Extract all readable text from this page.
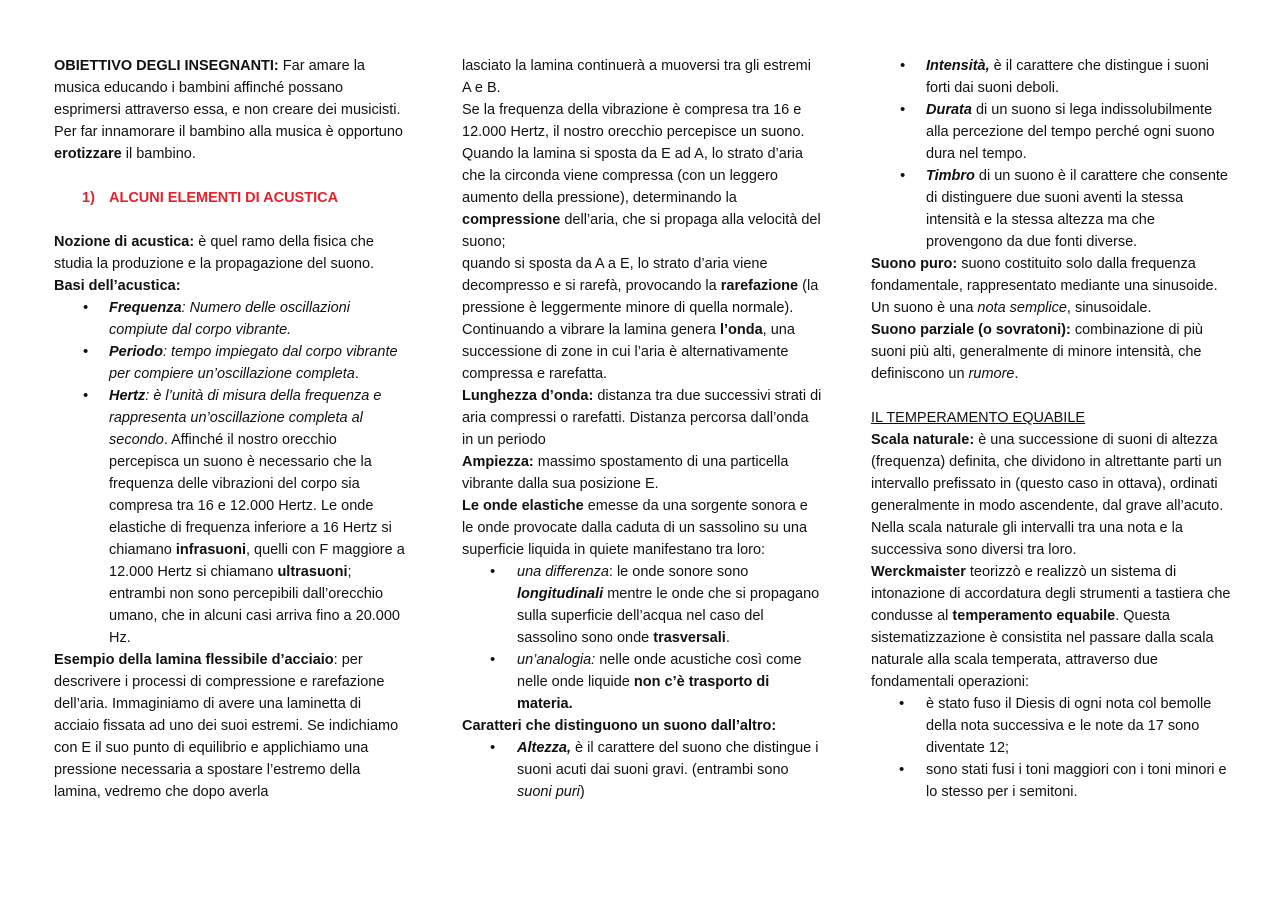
OBIETTIVO DEGLI INSEGNANTI: Far amare la musica educando i bambini affinché possano esprimersi attraverso essa, e non creare dei musicisti. Per far innamorare il bambino alla musica è opportuno erotizzare il bambino.

1) ALCUNI ELEMENTI DI ACUSTICA

Nozione di acustica: è quel ramo della fisica che studia la produzione e la propagazione del suono.

Basi dell’acustica:

• Frequenza: Numero delle oscillazioni compiute dal corpo vibrante.
• Periodo: tempo impiegato dal corpo vibrante per compiere un’oscillazione completa.
• Hertz: è l’unità di misura della frequenza e rappresenta un’oscillazione completa al secondo. Affinché il nostro orecchio percepisca un suono è necessario che la frequenza delle vibrazioni del corpo sia compresa tra 16 e 12.000 Hertz. Le onde elastiche di frequenza inferiore a 16 Hertz si chiamano infrasuoni, quelli con F maggiore a 12.000 Hertz si chiamano ultrasuoni; entrambi non sono percepibili dall’orecchio umano, che in alcuni casi arriva fino a 20.000 Hz.

Esempio della lamina flessibile d’acciaio: per descrivere i processi di compressione e rarefazione dell’aria. Immaginiamo di avere una laminetta di acciaio fissata ad uno dei suoi estremi. Se indichiamo con E il suo punto di equilibrio e applichiamo una pressione necessaria a spostare l’estremo della lamina, vedremo che dopo averla

lasciato la lamina continuerà a muoversi tra gli estremi A e B.

Se la frequenza della vibrazione è compresa tra 16 e 12.000 Hertz, il nostro orecchio percepisce un suono. Quando la lamina si sposta da E ad A, lo strato d’aria che la circonda viene compressa (con un leggero aumento della pressione), determinando la compressione dell’aria, che si propaga alla velocità del suono;

quando si sposta da A a E, lo strato d’aria viene decompresso e si rarefà, provocando la rarefazione (la pressione è leggermente minore di quella normale). Continuando a vibrare la lamina genera l’onda, una successione di zone in cui l’aria è alternativamente compressa e rarefatta.

Lunghezza d’onda: distanza tra due successivi strati di aria compressi o rarefatti. Distanza percorsa dall’onda in un periodo

Ampiezza: massimo spostamento di una particella vibrante dalla sua posizione E.

Le onde elastiche emesse da una sorgente sonora e le onde provocate dalla caduta di un sassolino su una superficie liquida in quiete manifestano tra loro:

• una differenza: le onde sonore sono longitudinali mentre le onde che si propagano sulla superficie dell’acqua nel caso del sassolino sono onde trasversali.
• un’analogia: nelle onde acustiche così come nelle onde liquide non c’è trasporto di materia.

Caratteri che distinguono un suono dall’altro:

• Altezza, è il carattere del suono che distingue i suoni acuti dai suoni gravi. (entrambi sono suoni puri)
• Intensità, è il carattere che distingue i suoni forti dai suoni deboli.
• Durata di un suono si lega indissolubilmente alla percezione del tempo perché ogni suono dura nel tempo.
• Timbro di un suono è il carattere che consente di distinguere due suoni aventi la stessa intensità e la stessa altezza ma che provengono da due fonti diverse.

Suono puro: suono costituito solo dalla frequenza fondamentale, rappresentato mediante una sinusoide. Un suono è una nota semplice, sinusoidale.

Suono parziale (o sovratoni): combinazione di più suoni più alti, generalmente di minore intensità, che definiscono un rumore.

IL TEMPERAMENTO EQUABILE

Scala naturale: è una successione di suoni di altezza (frequenza) definita, che dividono in altrettante parti un intervallo prefissato in (questo caso in ottava), ordinati generalmente in modo ascendente, dal grave all’acuto. Nella scala naturale gli intervalli tra una nota e la successiva sono diversi tra loro.

Werckmaister teorizzò e realizzò un sistema di intonazione di accordatura degli strumenti a tastiera che condusse al temperamento equabile. Questa sistematizzazione è consistita nel passare dalla scala naturale alla scala temperata, attraverso due fondamentali operazioni:

• è stato fuso il Diesis di ogni nota col bemolle della nota successiva e le note da 17 sono diventate 12;
• sono stati fusi i toni maggiori con i toni minori e lo stesso per i semitoni.
